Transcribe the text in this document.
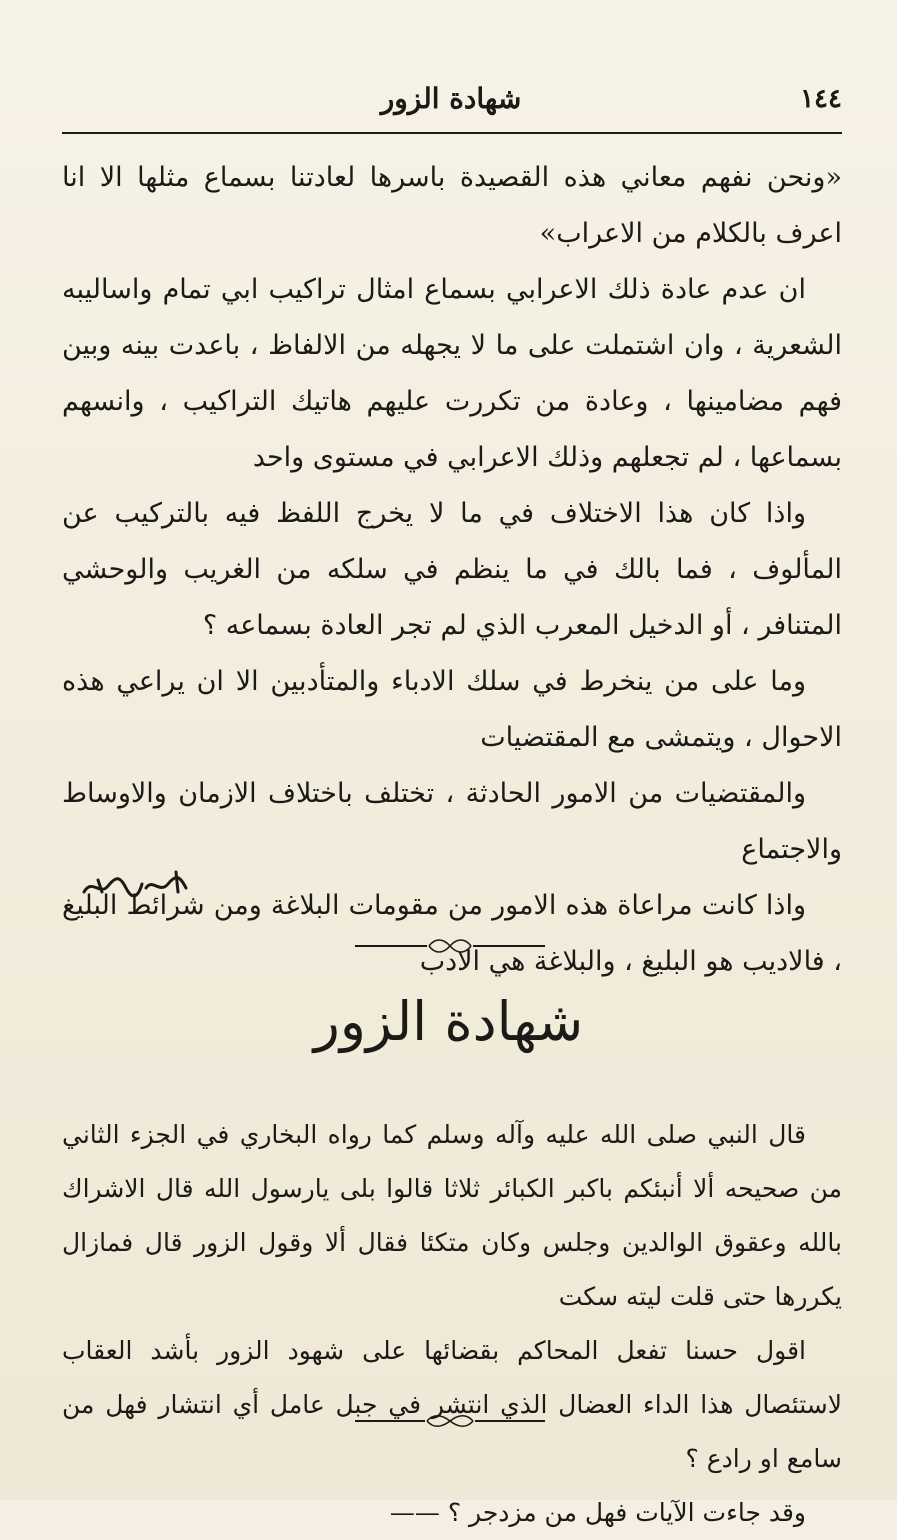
١٤٤
شهادة الزور

«ونحن نفهم معاني هذه القصيدة باسرها لعادتنا بسماع مثلها الا انا اعرف بالكلام من الاعراب»

ان عدم عادة ذلك الاعرابي بسماع امثال تراكيب ابي تمام واساليبه الشعرية ، وان اشتملت على ما لا يجهله من الالفاظ ، باعدت بينه وبين فهم مضامينها ، وعادة من تكررت عليهم هاتيك التراكيب ، وانسهم بسماعها ، لم تجعلهم وذلك الاعرابي في مستوى واحد

واذا كان هذا الاختلاف في ما لا يخرج اللفظ فيه بالتركيب عن المألوف ، فما بالك في ما ينظم في سلكه من الغريب والوحشي المتنافر ، أو الدخيل المعرب الذي لم تجر العادة بسماعه ؟

وما على من ينخرط في سلك الادباء والمتأدبين الا ان يراعي هذه الاحوال ، ويتمشى مع المقتضيات

والمقتضيات من الامور الحادثة ، تختلف باختلاف الازمان والاوساط والاجتماع

واذا كانت مراعاة هذه الامور من مقومات البلاغة ومن شرائط البليغ ، فالاديب هو البليغ ، والبلاغة هي الادب

شهادة الزور

قال النبي صلى الله عليه وآله وسلم كما رواه البخاري في الجزء الثاني من صحيحه ألا أنبئكم باكبر الكبائر ثلاثا قالوا بلى يارسول الله قال الاشراك بالله وعقوق الوالدين وجلس وكان متكئا فقال ألا وقول الزور قال فمازال يكررها حتى قلت ليته سكت

اقول حسنا تفعل المحاكم بقضائها على شهود الزور بأشد العقاب لاستئصال هذا الداء العضال الذي انتشر في جبل عامل أي انتشار فهل من سامع او رادع ؟

وقد جاءت الآيات فهل من مزدجر ؟ ——
